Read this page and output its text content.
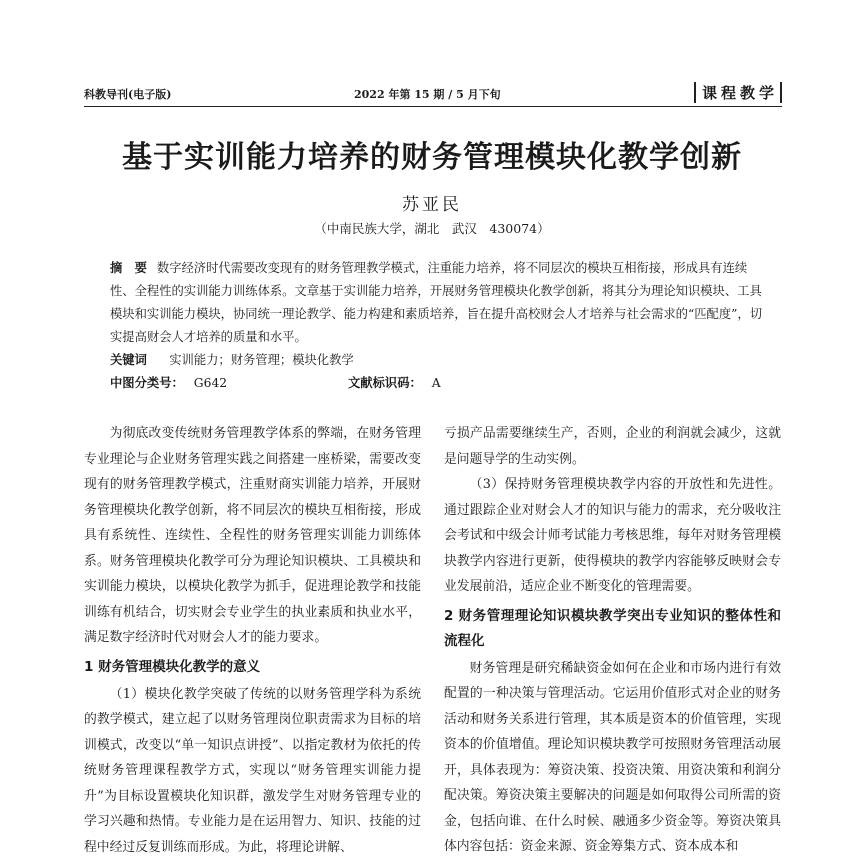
科教导刊(电子版)	2022 年第 15 期 / 5 月下旬	课程教学
基于实训能力培养的财务管理模块化教学创新
苏亚民
（中南民族大学，湖北　武汉　430074）

摘　要 数字经济时代需要改变现有的财务管理教学模式，注重能力培养，将不同层次的模块互相衔接，形成具有连续性、全程性的实训能力训练体系。文章基于实训能力培养，开展财务管理模块化教学创新，将其分为理论知识模块、工具模块和实训能力模块，协同统一理论教学、能力构建和素质培养，旨在提升高校财会人才培养与社会需求的“匹配度”，切实提高财会人才培养的质量和水平。

关键词　 实训能力；财务管理；模块化教学
中图分类号： G642	文献标识码： A

为彻底改变传统财务管理教学体系的弊端，在财务管理专业理论与企业财务管理实践之间搭建一座桥梁，需要改变现有的财务管理教学模式，注重财商实训能力培养，开展财务管理模块化教学创新，将不同层次的模块互相衔接，形成具有系统性、连续性、全程性的财务管理实训能力训练体系。财务管理模块化教学可分为理论知识模块、工具模块和实训能力模块，以模块化教学为抓手，促进理论教学和技能训练有机结合，切实财会专业学生的执业素质和执业水平，满足数字经济时代对财会人才的能力要求。

1 财务管理模块化教学的意义

（1）模块化教学突破了传统的以财务管理学科为系统的教学模式，建立起了以财务管理岗位职责需求为目标的培训模式，改变以“单一知识点讲授”、以指定教材为依托的传统财务管理课程教学方式，实现以“财务管理实训能力提升”为目标设置模块化知识群，激发学生对财务管理专业的学习兴趣和热情。专业能力是在运用智力、知识、技能的过程中经过反复训练而形成。为此，将理论讲解、

亏损产品需要继续生产，否则，企业的利润就会减少，这就是问题导学的生动实例。

（3）保持财务管理模块教学内容的开放性和先进性。通过跟踪企业对财会人才的知识与能力的需求，充分吸收注会考试和中级会计师考试能力考核思维，每年对财务管理模块教学内容进行更新，使得模块的教学内容能够反映财会专业发展前沿，适应企业不断变化的管理需要。

2 财务管理理论知识模块教学突出专业知识的整体性和流程化

财务管理是研究稀缺资金如何在企业和市场内进行有效配置的一种决策与管理活动。它运用价值形式对企业的财务活动和财务关系进行管理，其本质是资本的价值管理，实现资本的价值增值。理论知识模块教学可按照财务管理活动展开，具体表现为：筹资决策、投资决策、用资决策和利润分配决策。筹资决策主要解决的问题是如何取得公司所需的资金，包括向谁、在什么时候、融通多少资金等。筹资决策具体内容包括：资金来源、资金筹集方式、资本成本和
